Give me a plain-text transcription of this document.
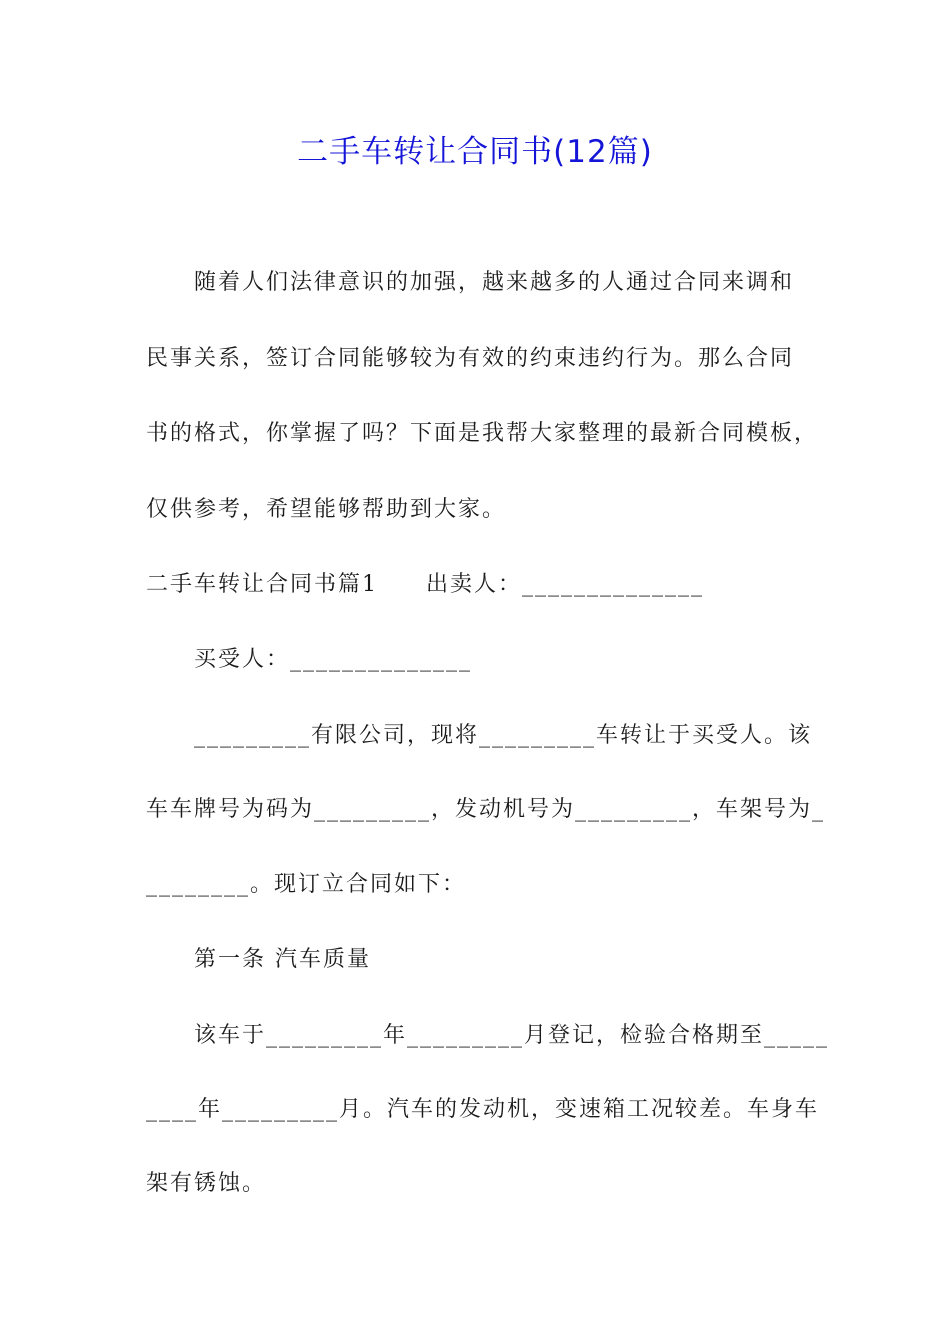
二手车转让合同书(12篇)

随着人们法律意识的加强，越来越多的人通过合同来调和

民事关系，签订合同能够较为有效的约束违约行为。那么合同

书的格式，你掌握了吗？下面是我帮大家整理的最新合同模板，

仅供参考，希望能够帮助到大家。

二手车转让合同书篇1 出卖人：______________

买受人：______________

_________有限公司，现将_________车转让于买受人。该

车车牌号为码为_________，发动机号为_________，车架号为_

________。现订立合同如下：

第一条 汽车质量

该车于_________年_________月登记，检验合格期至_____

____年_________月。汽车的发动机，变速箱工况较差。车身车

架有锈蚀。
